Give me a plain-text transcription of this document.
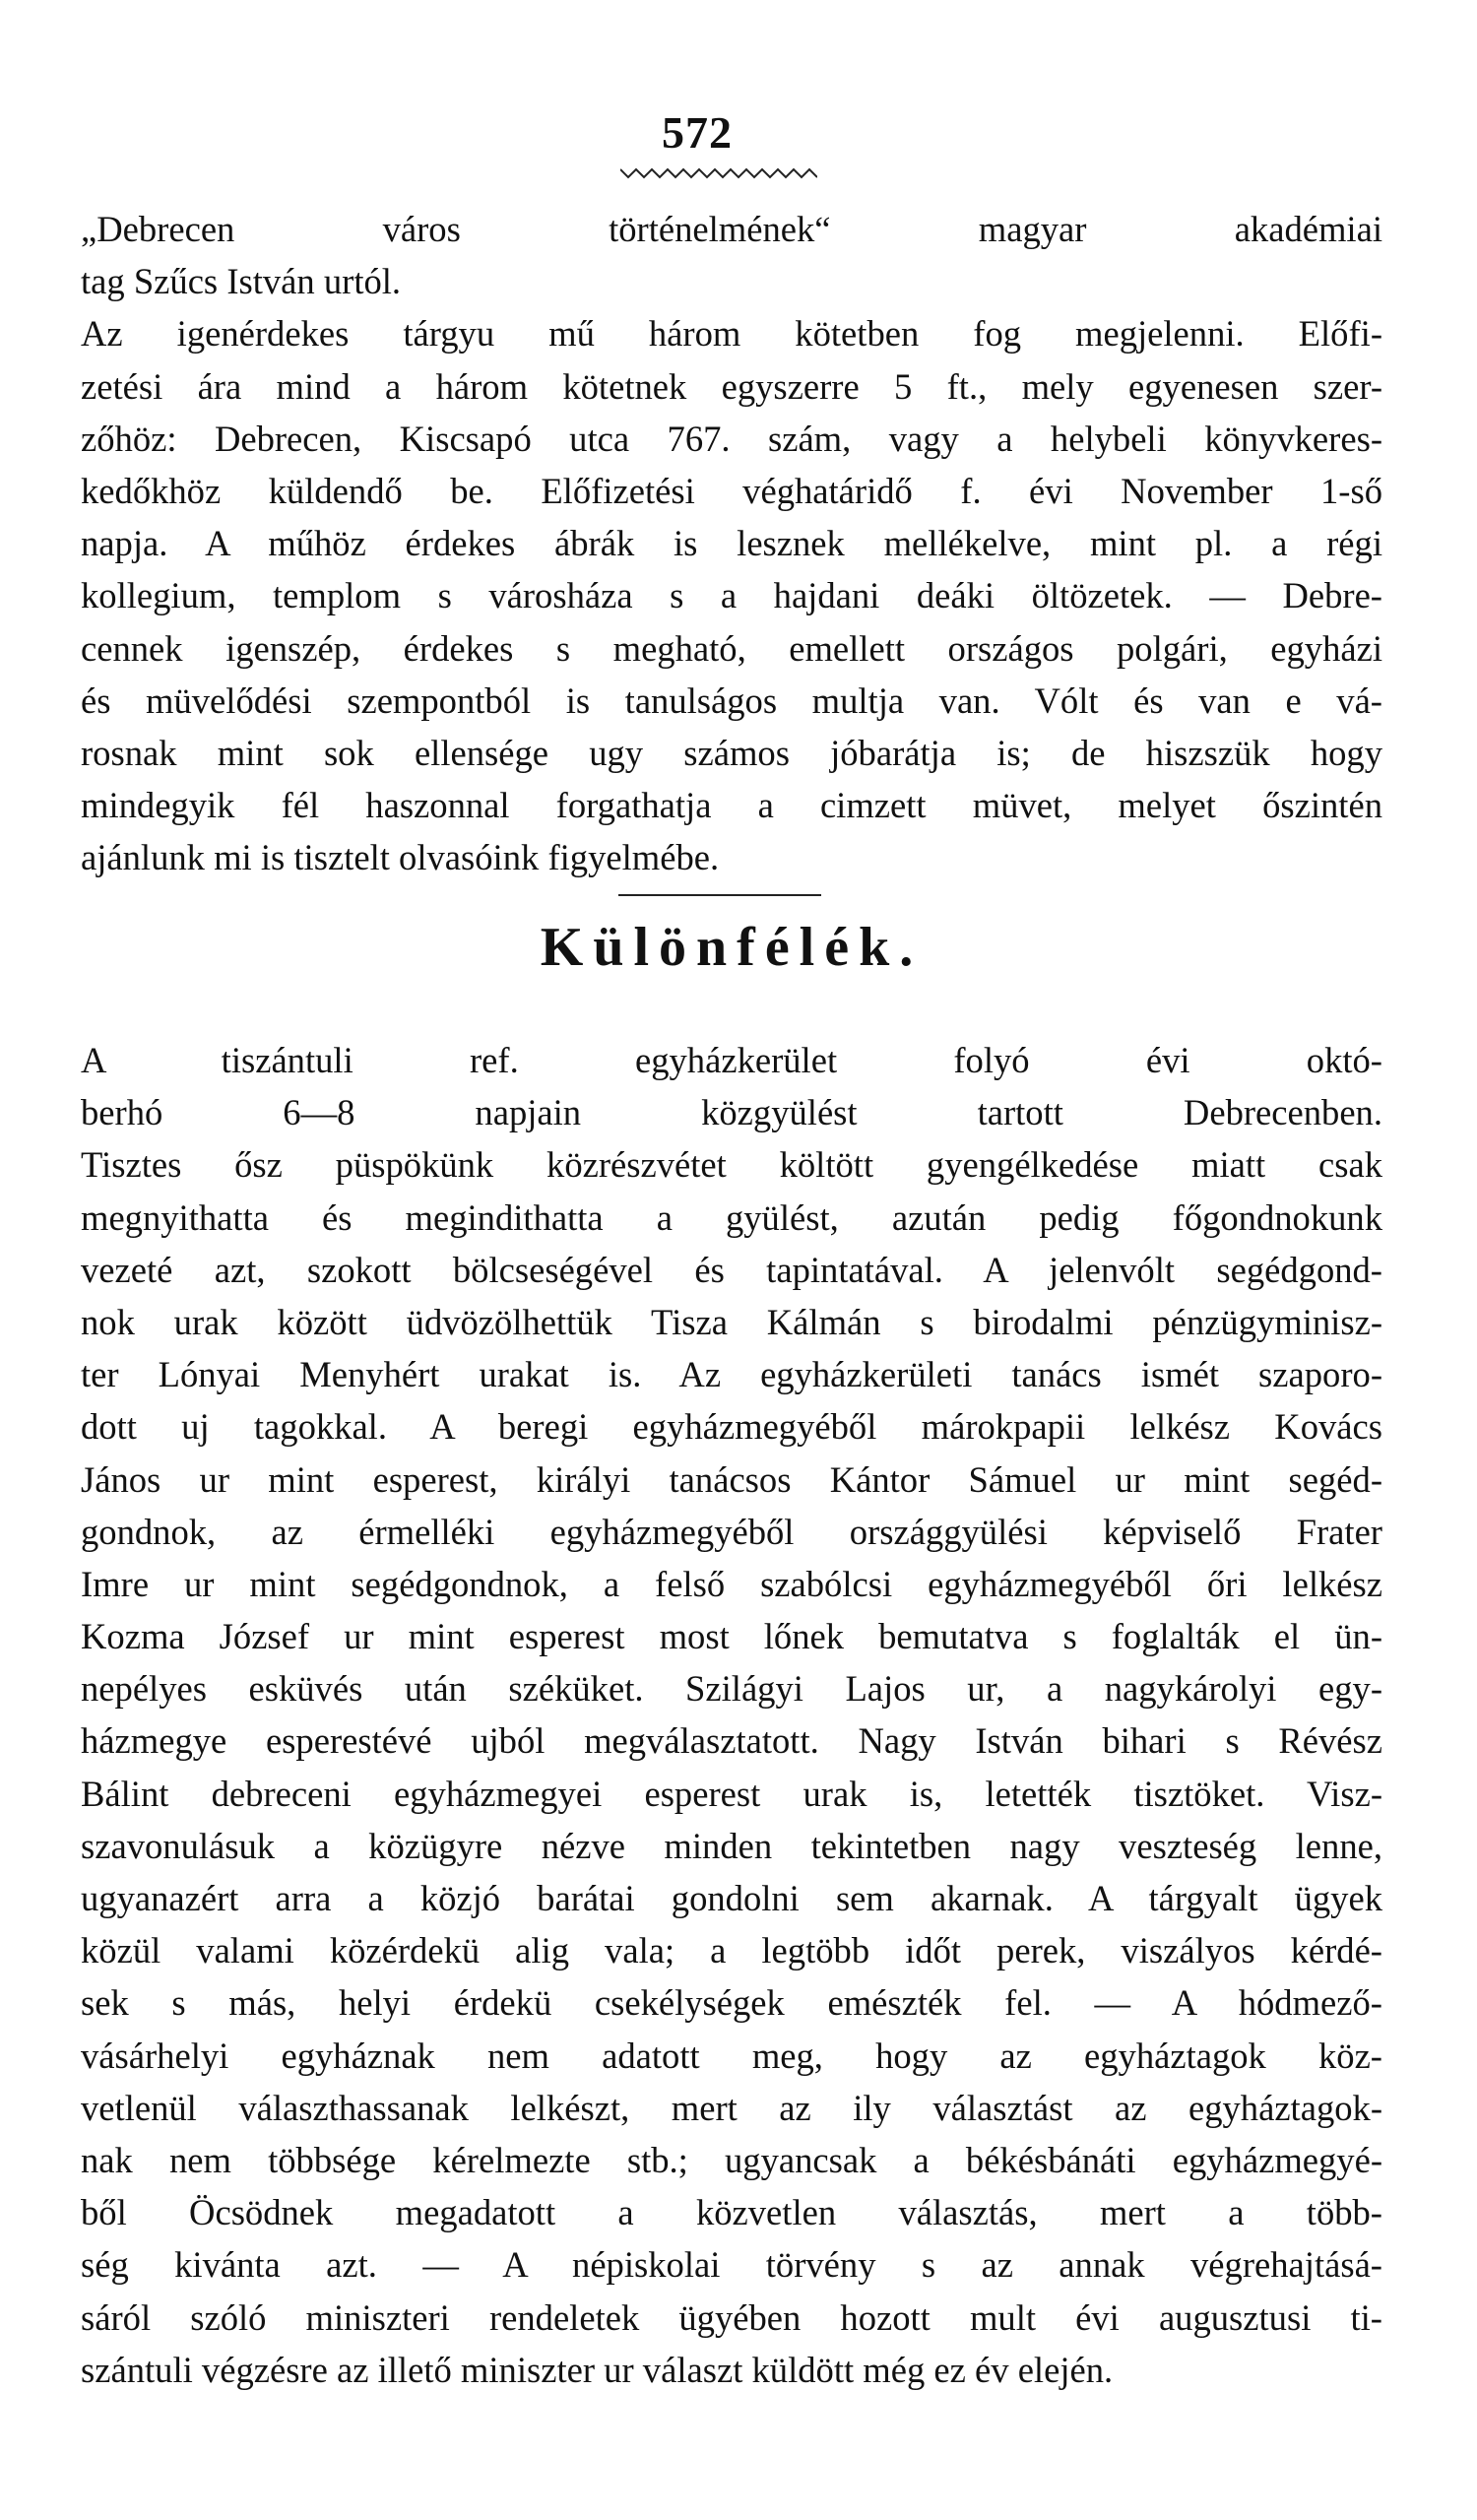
572
„Debrecen város történelmének“ magyar akadémiai
tag Szűcs István urtól.
Az igenérdekes tárgyu mű három kötetben fog megjelenni. Előfi-
zetési ára mind a három kötetnek egyszerre 5 ft., mely egyenesen szer-
zőhöz: Debrecen, Kiscsapó utca 767. szám, vagy a helybeli könyvkeres-
kedőkhöz küldendő be. Előfizetési véghatáridő f. évi November 1-ső
napja. A műhöz érdekes ábrák is lesznek mellékelve, mint pl. a régi
kollegium, templom s városháza s a hajdani deáki öltözetek. — Debre-
cennek igenszép, érdekes s megható, emellett országos polgári, egyházi
és müvelődési szempontból is tanulságos multja van. Vólt és van e vá-
rosnak mint sok ellensége ugy számos jóbarátja is; de hiszszük hogy
mindegyik fél haszonnal forgathatja a cimzett müvet, melyet őszintén
ajánlunk mi is tisztelt olvasóink figyelmébe.
Különfélék.
A tiszántuli ref. egyházkerület folyó évi októ-
berhó 6—8 napjain közgyülést tartott Debrecenben.
Tisztes ősz püspökünk közrészvétet költött gyengélkedése miatt csak
megnyithatta és megindithatta a gyülést, azután pedig főgondnokunk
vezeté azt, szokott bölcseségével és tapintatával. A jelenvólt segédgond-
nok urak között üdvözölhettük Tisza Kálmán s birodalmi pénzügyminisz-
ter Lónyai Menyhért urakat is. Az egyházkerületi tanács ismét szaporo-
dott uj tagokkal. A beregi egyházmegyéből márokpapii lelkész Kovács
János ur mint esperest, királyi tanácsos Kántor Sámuel ur mint segéd-
gondnok, az érmelléki egyházmegyéből országgyülési képviselő Frater
Imre ur mint segédgondnok, a felső szabólcsi egyházmegyéből őri lelkész
Kozma József ur mint esperest most lőnek bemutatva s foglalták el ün-
nepélyes esküvés után széküket. Szilágyi Lajos ur, a nagykárolyi egy-
házmegye esperestévé ujból megválasztatott. Nagy István bihari s Révész
Bálint debreceni egyházmegyei esperest urak is, letették tisztöket. Visz-
szavonulásuk a közügyre nézve minden tekintetben nagy veszteség lenne,
ugyanazért arra a közjó barátai gondolni sem akarnak. A tárgyalt ügyek
közül valami közérdekü alig vala; a legtöbb időt perek, viszályos kérdé-
sek s más, helyi érdekü csekélységek emészték fel. — A hódmező-
vásárhelyi egyháznak nem adatott meg, hogy az egyháztagok köz-
vetlenül választhassanak lelkészt, mert az ily választást az egyháztagok-
nak nem többsége kérelmezte stb.; ugyancsak a békésbánáti egyházmegyé-
ből Öcsödnek megadatott a közvetlen választás, mert a több-
ség kivánta azt. — A népiskolai törvény s az annak végrehajtásá-
sáról szóló miniszteri rendeletek ügyében hozott mult évi augusztusi ti-
szántuli végzésre az illető miniszter ur választ küldött még ez év elején.
